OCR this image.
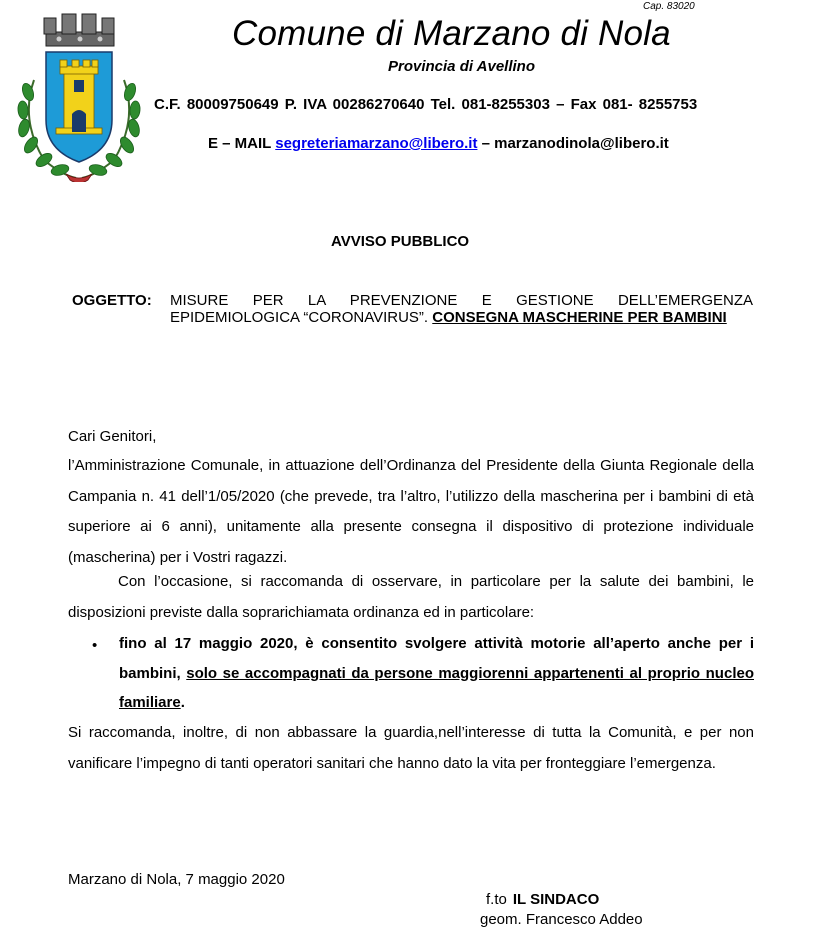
Cap. 83020
Comune di Marzano di Nola
Provincia di Avellino
C.F. 80009750649 P. IVA 00286270640 Tel. 081-8255303 – Fax 081- 8255753
E – MAIL segreteriamarzano@libero.it – marzanodinola@libero.it
AVVISO PUBBLICO
OGGETTO: MISURE PER LA PREVENZIONE E GESTIONE DELL’EMERGENZA EPIDEMIOLOGICA “CORONAVIRUS”. CONSEGNA MASCHERINE PER BAMBINI
Cari Genitori,
l’Amministrazione Comunale, in attuazione dell’Ordinanza del Presidente della Giunta Regionale della Campania n. 41 dell’1/05/2020 (che prevede, tra l’altro, l’utilizzo della mascherina per i bambini di età superiore ai 6 anni), unitamente alla presente consegna il dispositivo di protezione individuale (mascherina) per i Vostri ragazzi.
Con l’occasione, si raccomanda di osservare, in particolare per la salute dei bambini, le disposizioni previste dalla soprarichiamata ordinanza ed in particolare:
• fino al 17 maggio 2020, è consentito svolgere attività motorie all’aperto anche per i bambini, solo se accompagnati da persone maggiorenni appartenenti al proprio nucleo familiare.
Si raccomanda, inoltre, di non abbassare la guardia,nell’interesse di tutta la Comunità, e per non vanificare l’impegno di tanti operatori sanitari che hanno dato la vita per fronteggiare l’emergenza.
Marzano di Nola, 7 maggio 2020
f.to IL SINDACO
geom. Francesco Addeo
